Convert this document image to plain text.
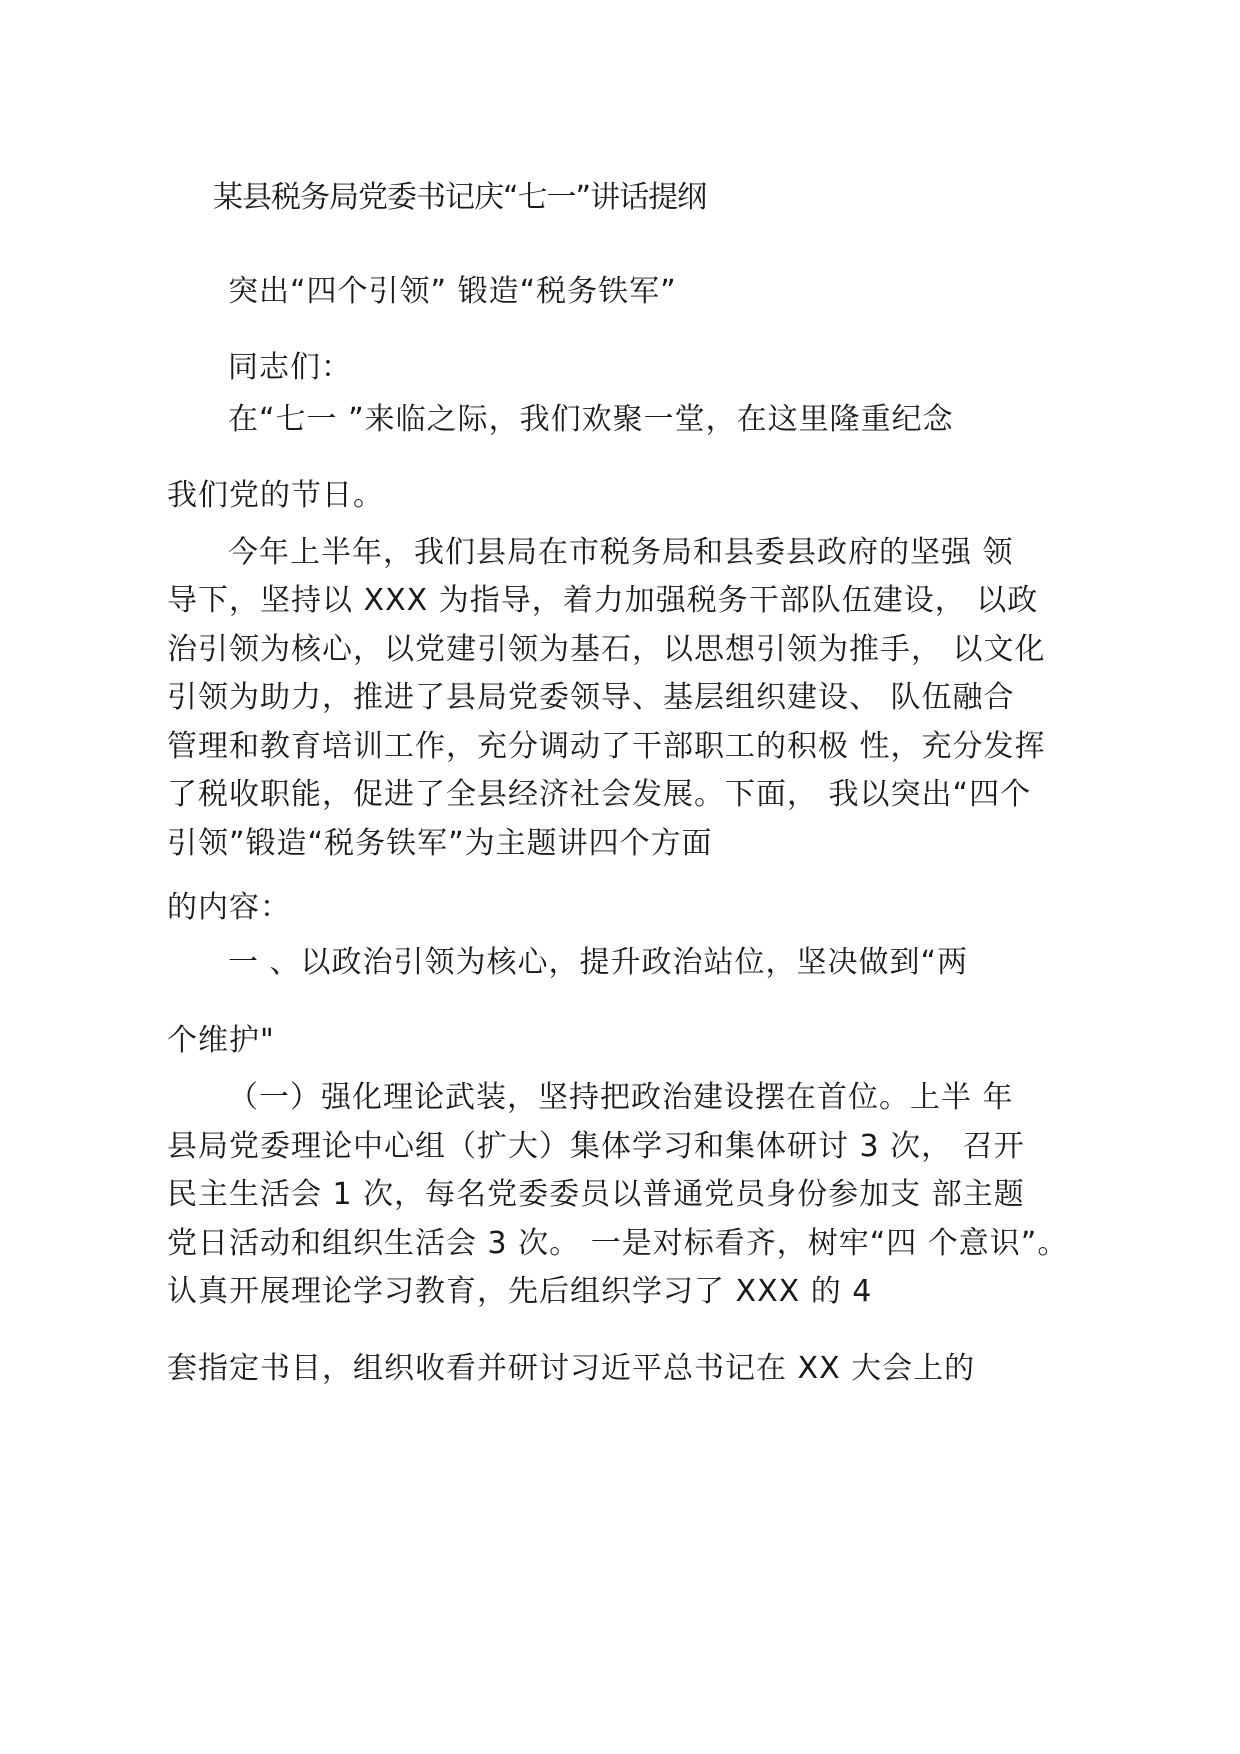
某县税务局党委书记庆“七一”讲话提纲
突出“四个引领” 锻造“税务铁军”
同志们：
在“七一 ”来临之际，我们欢聚一堂，在这里隆重纪念
我们党的节日。
今年上半年，我们县局在市税务局和县委县政府的坚强 领
导下，坚持以 XXX 为指导，着力加强税务干部队伍建设， 以政
治引领为核心，以党建引领为基石，以思想引领为推手， 以文化
引领为助力，推进了县局党委领导、基层组织建设、 队伍融合
管理和教育培训工作，充分调动了干部职工的积极 性，充分发挥
了税收职能，促进了全县经济社会发展。下面， 我以突出“四个
引领”锻造“税务铁军”为主题讲四个方面
的内容：
一 、以政治引领为核心，提升政治站位，坚决做到“两
个维护"
（一）强化理论武装，坚持把政治建设摆在首位。上半 年
县局党委理论中心组（扩大）集体学习和集体研讨 3 次， 召开
民主生活会 1 次，每名党委委员以普通党员身份参加支 部主题
党日活动和组织生活会 3 次。 一是对标看齐，树牢“四 个意识”。
认真开展理论学习教育，先后组织学习了 XXX 的 4
套指定书目，组织收看并研讨习近平总书记在 XX 大会上的
